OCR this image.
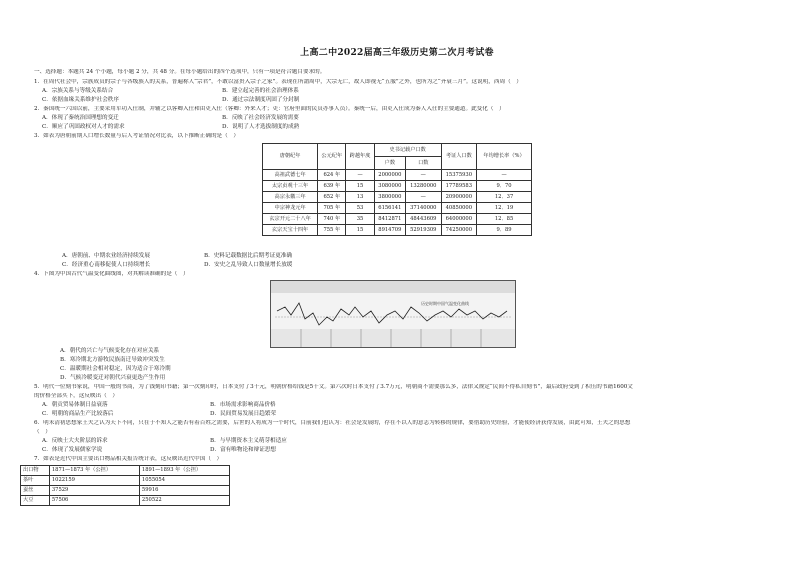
上高二中2022届高三年级历史第二次月考试卷
一、选择题：本题共 24 个小题，每小题 2 分，共 48 分。在每小题给出的四个选项中，只有一项是符合题目要求的。
1．在周代社会中，宗族成员的宗子与各级族人的关系，普遍称人“宗君”，不敢以富贵入宗子之家”。表现在所謂周中，大宗无亡，故人即视无“五服”之外，也所为之“齐衰三月”。这说明，西周（　）
A．宗族关系与等级关系结合	B．建立起完善的社会治理体系
C．依据血缘关系维护社会秩序	D．通过宗法制度巩固了分封制
2．秦国统一六国以前，主要采用军功入仕制，并辅之以客卿入仕和由吏入仕（客卿：外来人才；吏：官府里面的民员办事人员）。秦统一后，由吏入仕成为秦人入仕的主要通道。此变化（　）
A．体现了秦统治国理想的变迁	B．反映了社会经济发展的需要
C．顺应了巩固政权对人才的需求	D．说明了人才选拔制度的成熟
3．如表为唐朝前期人口增长数量与后人考证情况对比表，以下推断正确的是（　）
唐朝纪年	公元纪年	跨越年度	史书记载户口数		考证人口数	年均增长率（%）
			户数	口数		
高祖武德七年	624 年	—	2000000	—	15375930	—
太宗贞观十三年	639 年	15	3080000	13280000	17789583	9．70
高宗永徽三年	652 年	13	3800000	—	20900000	12．37
中宗神龙元年	705 年	53	6156141	37140000	40850000	12．19
玄宗开元二十八年	740 年	35	8412871	48443609	64000000	12．85
玄宗天宝十四年	755 年	15	8914709	52919309	74250000	9．89
A．唐朝前、中期农业经济持续发展	B．史料记载数据比后期考证更准确
C．经济重心南移促使人口持续增长	D．安史之乱导致人口数量增长放缓
4．下图为中国古代气温变化曲线图，对其解读准确的是（　）
历史时期中国气温变化曲线
A．朝代的兴亡与气候变化存在对应关系
B．寒冷期北方游牧民族南迁导致冲突发生
C．温暖期社会相对稳定，因为适合于寒冷期
D．气候冷暖变迁对朝代兴衰更迭产生作用
5．明代一位刻书家说，中国一般的书商，为了钱刻印书籍；第一次刻印时，日本支付了3千元，明朝价格给钱是5千文。第六次时日本支付了3.7万元，明朝商不需要那么多，法律又规定“民间不得私自刻书”，最后政府受到了积压的书籍1600文
的价格全部买下，这反映出（　）
A．朝贡贸易体制日益衰落	B．市场需求影响商品价格
C．明朝的商品生产比较落后	D．民间贸易发展日趋繁荣
6．明末清初思想家王夫之认为天下不同，只在于不知人之能否有着百姓之需要，后世的人将成为一个时代，目前我们也认为：社会是发展的，存在不以人的意志为转移的规律，要借助历史经验，才能使经济获得发展，由此可知，王夫之的思想
（　）
A．反映士大夫阶层的诉求	B．与早期资本主义萌芽相适应
C．体现了发展儒家学说	D．富有唯物论和辩证思想
7．如表是近代中国主要出口物品相关报告统计表，这反映出近代中国（　）
出口物	1871—1873 年（公担）	1891—1893 年（公担）
茶叶	1022159	1055054
蚕丝	37529	59916
大豆	57506	250522
